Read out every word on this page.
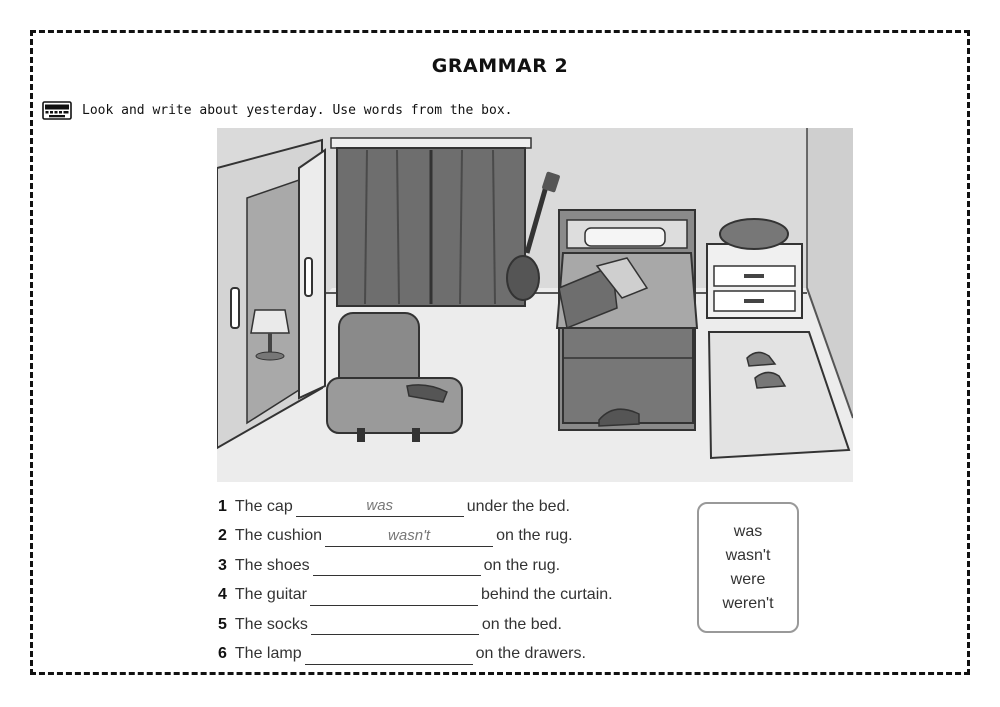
GRAMMAR 2
Look and write about yesterday. Use words from the box.
1 The cap	was	under the bed.
2 The cushion	wasn't	on the rug.
3 The shoes	on the rug.
4 The guitar	behind the curtain.
5 The socks	on the bed.
6 The lamp	on the drawers.
was
wasn't
were
weren't
